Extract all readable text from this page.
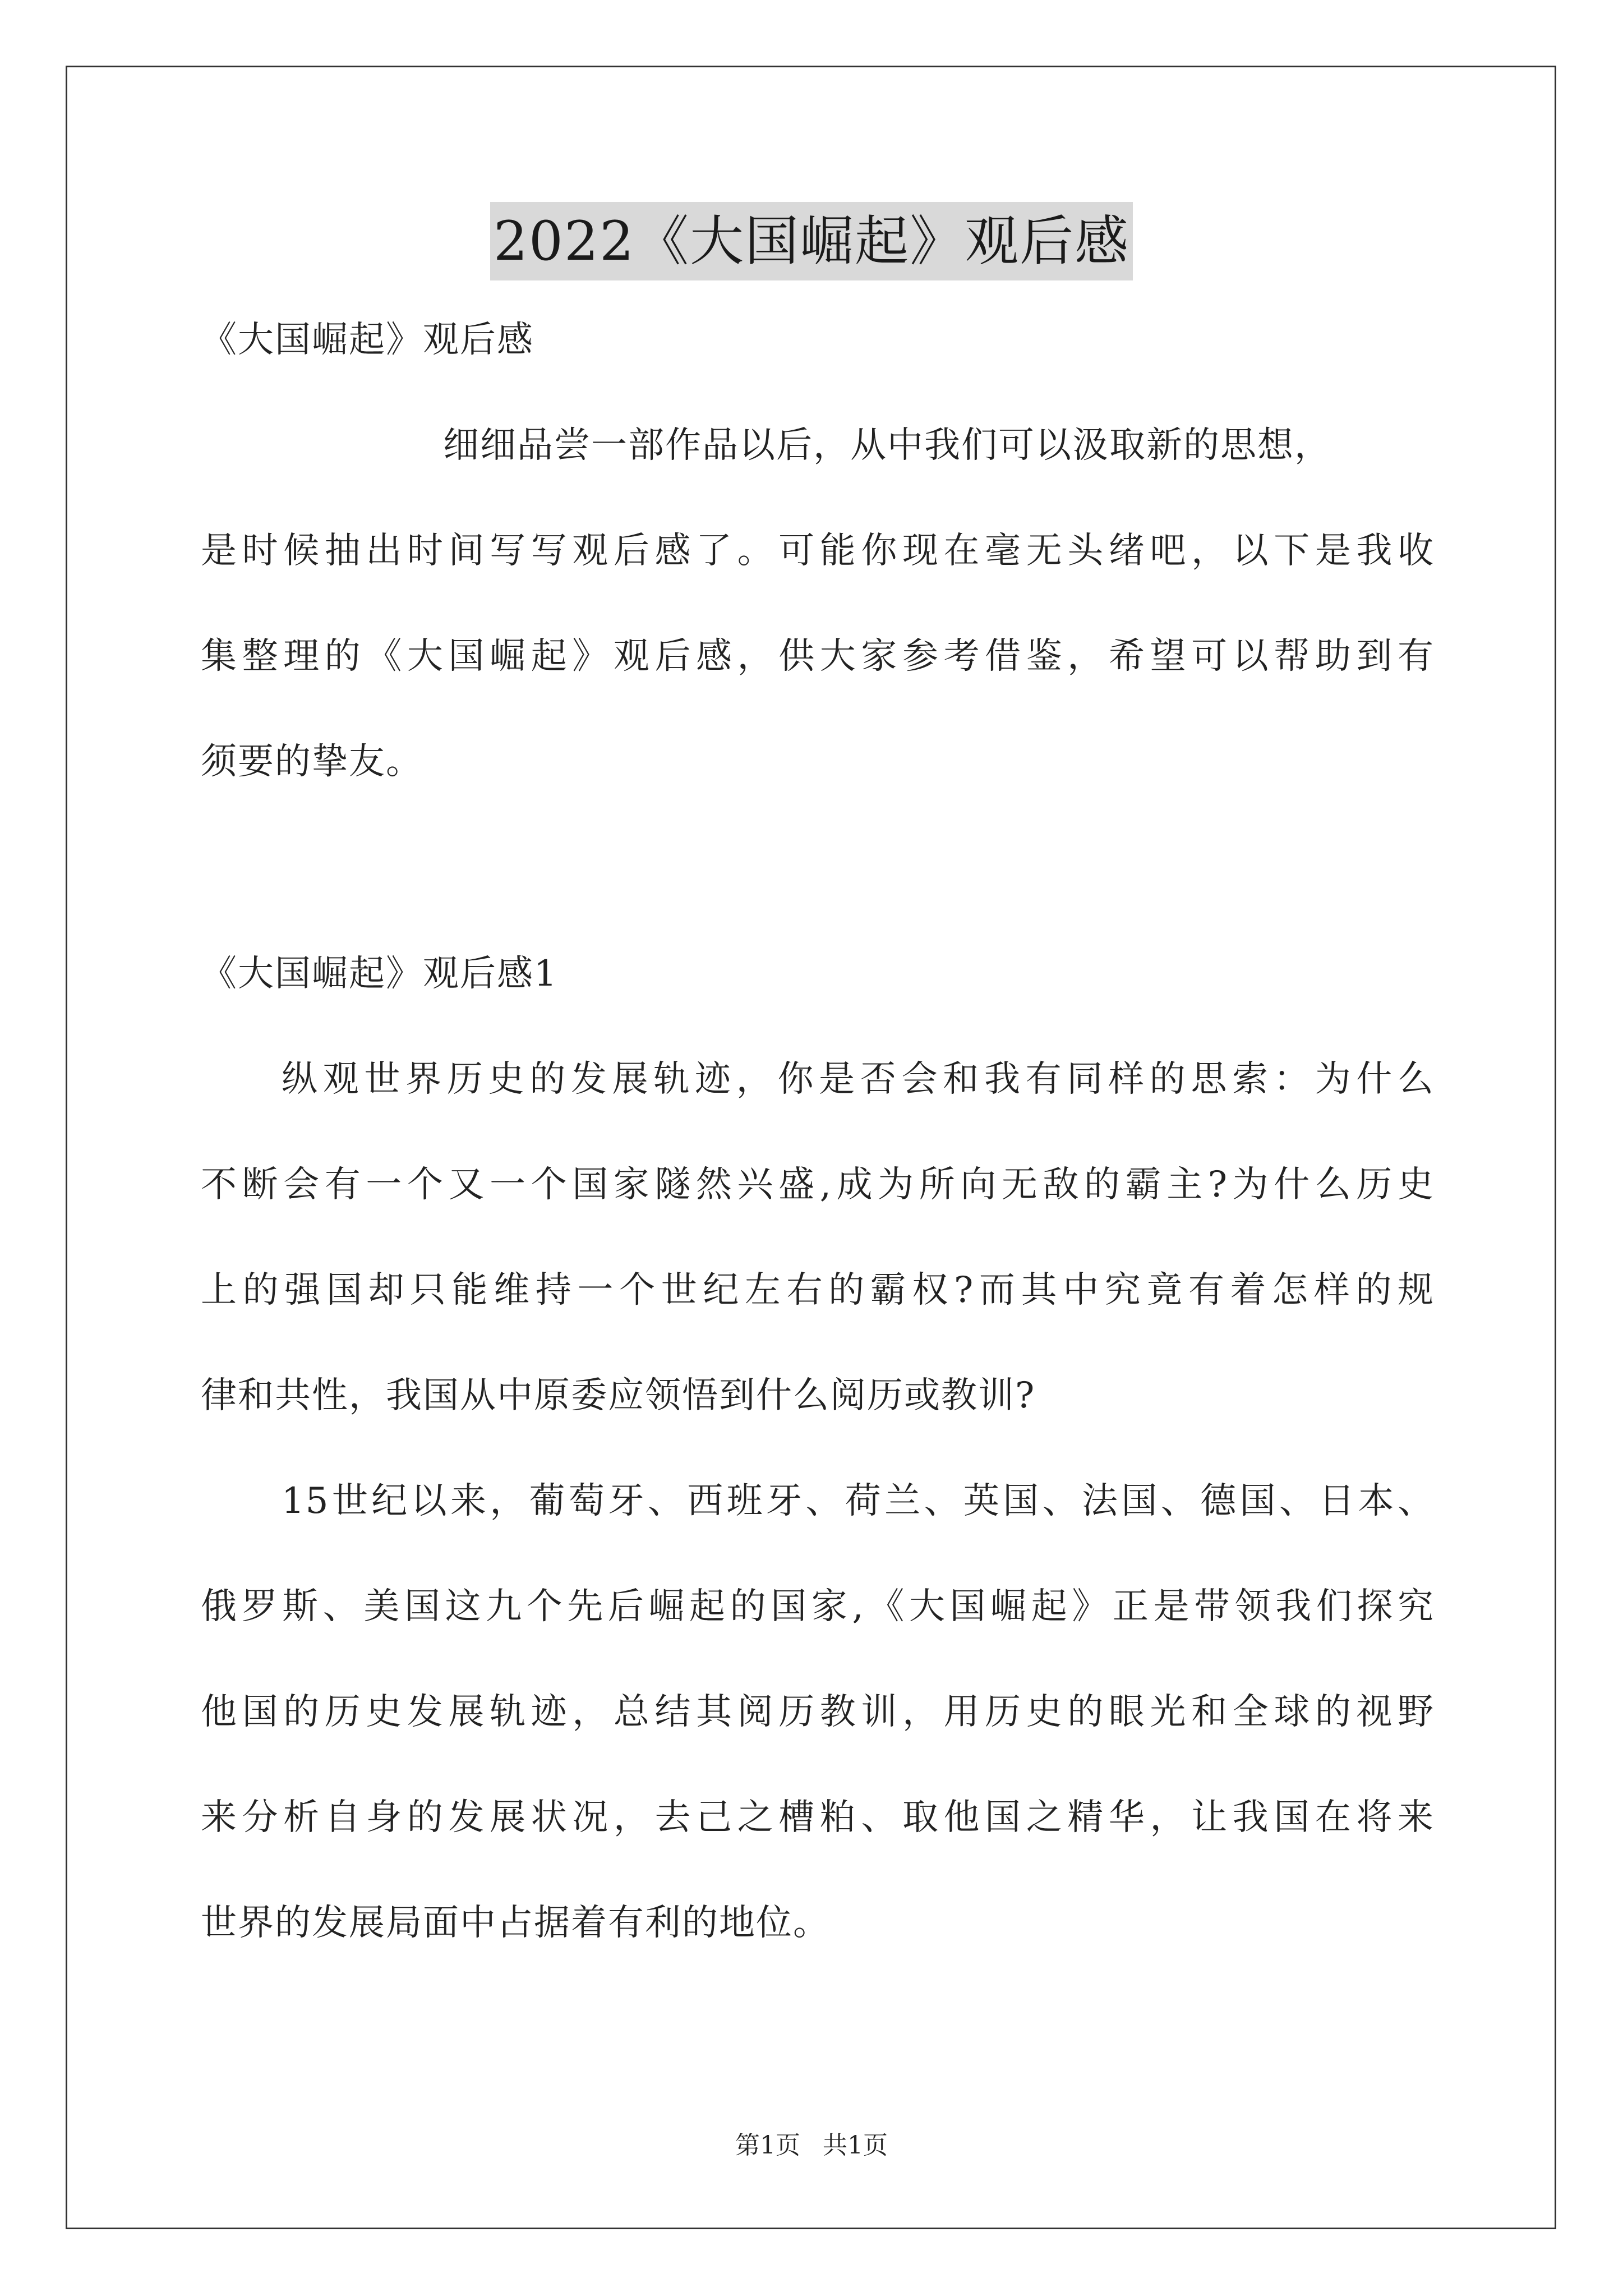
2022《大国崛起》观后感
《大国崛起》观后感
细细品尝一部作品以后，从中我们可以汲取新的思想，
是时候抽出时间写写观后感了。可能你现在毫无头绪吧，以下是我收
集整理的《大国崛起》观后感，供大家参考借鉴，希望可以帮助到有
须要的挚友。
《大国崛起》观后感1
纵观世界历史的发展轨迹，你是否会和我有同样的思索：为什么
不断会有一个又一个国家隧然兴盛,成为所向无敌的霸主?为什么历史
上的强国却只能维持一个世纪左右的霸权?而其中究竟有着怎样的规
律和共性，我国从中原委应领悟到什么阅历或教训?
15世纪以来，葡萄牙、西班牙、荷兰、英国、法国、德国、日本、
俄罗斯、美国这九个先后崛起的国家,《大国崛起》正是带领我们探究
他国的历史发展轨迹，总结其阅历教训，用历史的眼光和全球的视野
来分析自身的发展状况，去己之槽粕、取他国之精华，让我国在将来
世界的发展局面中占据着有利的地位。
第1页 共1页
